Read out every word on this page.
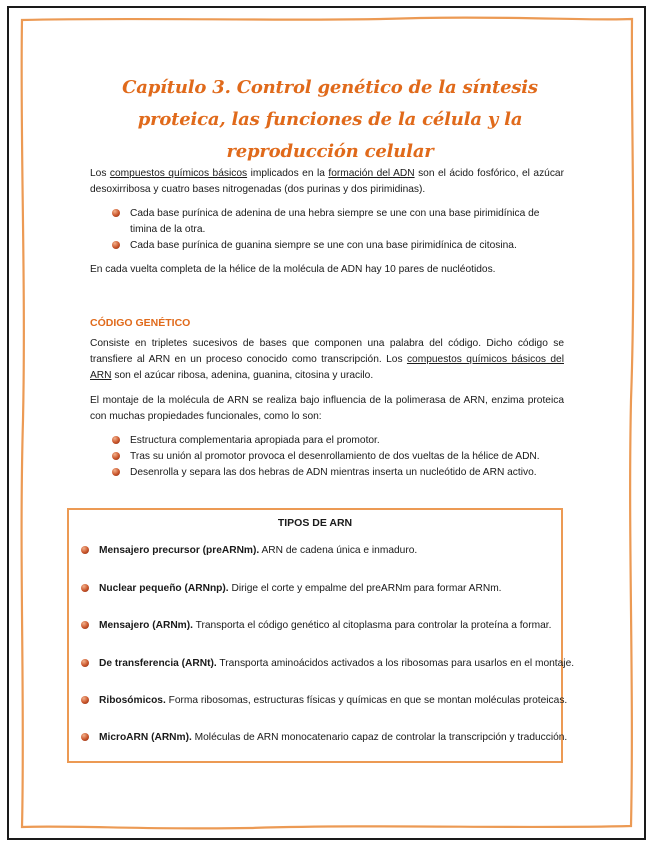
Capítulo 3. Control genético de la síntesis proteica, las funciones de la célula y la reproducción celular

Los compuestos químicos básicos implicados en la formación del ADN son el ácido fosfórico, el azúcar desoxirribosa y cuatro bases nitrogenadas (dos purinas y dos pirimidinas).

Cada base purínica de adenina de una hebra siempre se une con una base pirimidínica de timina de la otra.
Cada base purínica de guanina siempre se une con una base pirimidínica de citosina.

En cada vuelta completa de la hélice de la molécula de ADN hay 10 pares de nucléotidos.

CÓDIGO GENÉTICO

Consiste en tripletes sucesivos de bases que componen una palabra del código. Dicho código se transfiere al ARN en un proceso conocido como transcripción. Los compuestos químicos básicos del ARN son el azúcar ribosa, adenina, guanina, citosina y uracilo.

El montaje de la molécula de ARN se realiza bajo influencia de la polimerasa de ARN, enzima proteica con muchas propiedades funcionales, como lo son:

Estructura complementaria apropiada para el promotor.
Tras su unión al promotor provoca el desenrollamiento de dos vueltas de la hélice de ADN.
Desenrolla y separa las dos hebras de ADN mientras inserta un nucleótido de ARN activo.

TIPOS DE ARN

Mensajero precursor (preARNm). ARN de cadena única e inmaduro.
Nuclear pequeño (ARNnp). Dirige el corte y empalme del preARNm para formar ARNm.
Mensajero (ARNm). Transporta el código genético al citoplasma para controlar la proteína a formar.
De transferencia (ARNt). Transporta aminoácidos activados a los ribosomas para usarlos en el montaje.
Ribosómicos. Forma ribosomas, estructuras físicas y químicas en que se montan moléculas proteicas.
MicroARN (ARNm). Moléculas de ARN monocatenario capaz de controlar la transcripción y traducción.
